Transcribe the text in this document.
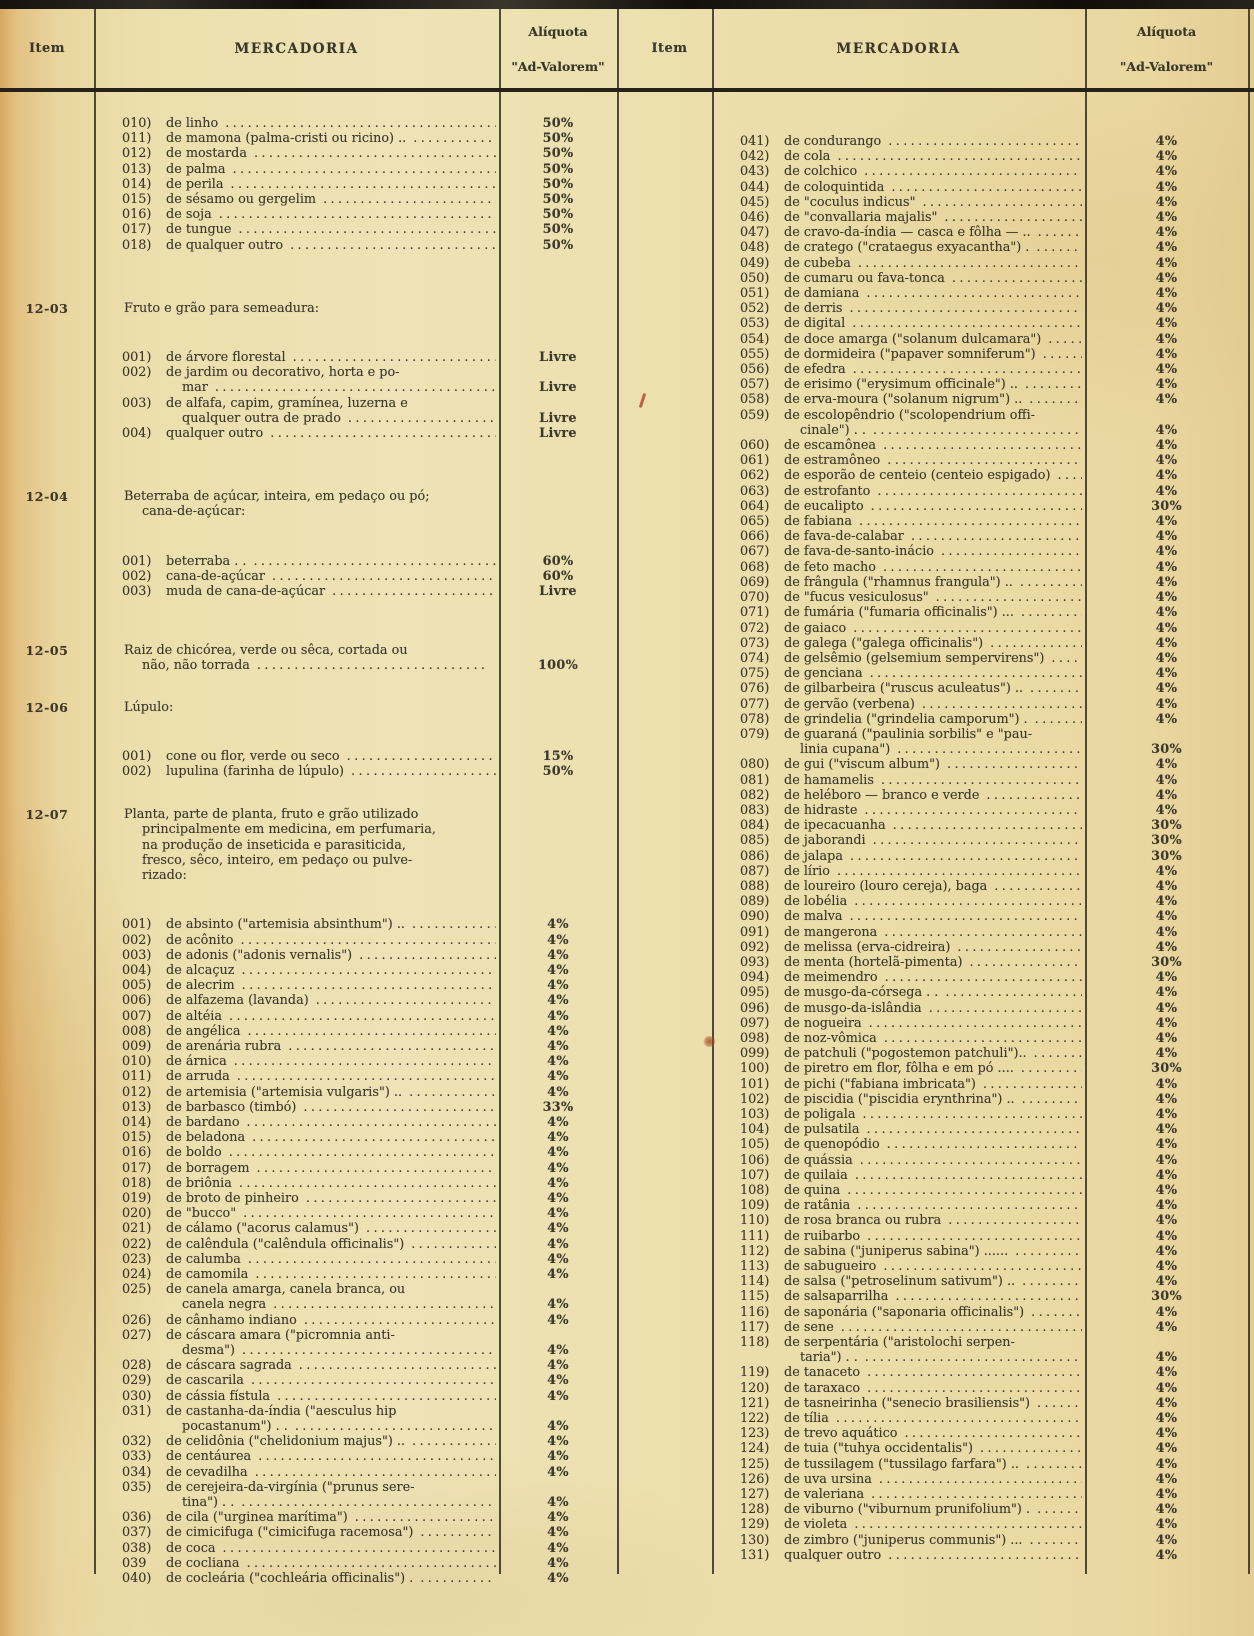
Item	MERCADORIA
Alíquota
"Ad-Valorem"
010)	de linho .....	50%
011)	de mamona (palma-cristi ou ricino) .. .....	50%
012)	de mostarda .....	50%
013)	de palma .....	50%
014)	de perila .....	50%
015)	de sésamo ou gergelim .....	50%
016)	de soja .....	50%
017)	de tungue .....	50%
018)	de qualquer outro .....	50%
12-03	Fruto e grão para semeadura:
001)	de árvore florestal .....	Livre
002)	de jardim ou decorativo, horta e po-
mar .....	Livre
003)	de alfafa, capim, gramínea, luzerna e
qualquer outra de prado .....	Livre
004)	qualquer outro .....	Livre
12-04	Beterraba de açúcar, inteira, em pedaço ou pó;
cana-de-açúcar:
001)	beterraba . . .....	60%
002)	cana-de-açúcar .....	60%
003)	muda de cana-de-açúcar .....	Livre
12-05	Raiz de chicórea, verde ou sêca, cortada ou
não, não torrada .....	100%
12-06	Lúpulo:
001)	cone ou flor, verde ou seco .....	15%
002)	lupulina (farinha de lúpulo) .....	50%
12-07	Planta, parte de planta, fruto e grão utilizado
principalmente em medicina, em perfumaria,
na produção de inseticida e parasiticida,
fresco, sêco, inteiro, em pedaço ou pulve-
rizado:
001)	de absinto ("artemisia absinthum") .. .....	4%
002)	de acônito .....	4%
003)	de adonis ("adonis vernalis") .....	4%
004)	de alcaçuz .....	4%
005)	de alecrim .....	4%
006)	de alfazema (lavanda) .....	4%
007)	de altéia .....	4%
008)	de angélica .....	4%
009)	de arenária rubra .....	4%
010)	de árnica .....	4%
011)	de arruda .....	4%
012)	de artemisia ("artemisia vulgaris") .. .....	4%
013)	de barbasco (timbó) .....	33%
014)	de bardano .....	4%
015)	de beladona .....	4%
016)	de boldo .....	4%
017)	de borragem .....	4%
018)	de briônia .....	4%
019)	de broto de pinheiro .....	4%
020)	de "bucco" .....	4%
021)	de cálamo ("acorus calamus") .....	4%
022)	de calêndula ("calêndula officinalis") .....	4%
023)	de calumba .....	4%
024)	de camomila .....	4%
025)	de canela amarga, canela branca, ou
canela negra .....	4%
026)	de cânhamo indiano .....	4%
027)	de cáscara amara ("picromnia anti-
desma") .....	4%
028)	de cáscara sagrada .....	4%
029)	de cascarila .....	4%
030)	de cássia fístula .....	4%
031)	de castanha-da-índia ("aesculus hip
pocastanum") . . .....	4%
032)	de celidônia ("chelidonium majus") .. .....	4%
033)	de centáurea .....	4%
034)	de cevadilha .....	4%
035)	de cerejeira-da-virgínia ("prunus sere-
tina") . . .....	4%
036)	de cila ("urginea marítima") .....	4%
037)	de cimicifuga ("cimicifuga racemosa") .....	4%
038)	de coca .....	4%
039	de cocliana .....	4%
040)	de cocleária ("cochleária officinalis") . .....	4%
Item	MERCADORIA
Alíquota
"Ad-Valorem"
041)	de condurango .....	4%
042)	de cola .....	4%
043)	de colchico .....	4%
044)	de coloquintida .....	4%
045)	de "coculus indicus" .....	4%
046)	de "convallaria majalis" .....	4%
047)	de cravo-da-índia — casca e fôlha — .. .....	4%
048)	de cratego ("crataegus exyacantha") . .....	4%
049)	de cubeba .....	4%
050)	de cumaru ou fava-tonca .....	4%
051)	de damiana .....	4%
052)	de derris .....	4%
053)	de digital .....	4%
054)	de doce amarga ("solanum dulcamara") .....	4%
055)	de dormideira ("papaver somniferum") .....	4%
056)	de efedra .....	4%
057)	de erisimo ("erysimum officinale") .. .....	4%
058)	de erva-moura ("solanum nigrum") .. .....	4%
059)	de escolopêndrio ("scolopendrium offi-
cinale") . . .....	4%
060)	de escamônea .....	4%
061)	de estramôneo .....	4%
062)	de esporão de centeio (centeio espigado) .....	4%
063)	de estrofanto .....	4%
064)	de eucalipto .....	30%
065)	de fabiana .....	4%
066)	de fava-de-calabar .....	4%
067)	de fava-de-santo-inácio .....	4%
068)	de feto macho .....	4%
069)	de frângula ("rhamnus frangula") .. .....	4%
070)	de "fucus vesiculosus" .....	4%
071)	de fumária ("fumaria officinalis") ... .....	4%
072)	de gaiaco .....	4%
073)	de galega ("galega officinalis") .....	4%
074)	de gelsêmio (gelsemium sempervirens") .....	4%
075)	de genciana .....	4%
076)	de gilbarbeira ("ruscus aculeatus") .. .....	4%
077)	de gervão (verbena) .....	4%
078)	de grindelia ("grindelia camporum") . .....	4%
079)	de guaraná ("paulinia sorbilis" e "pau-
linia cupana") .....	30%
080)	de gui ("viscum album") .....	4%
081)	de hamamelis .....	4%
082)	de heléboro — branco e verde .....	4%
083)	de hidraste .....	4%
084)	de ipecacuanha .....	30%
085)	de jaborandi .....	30%
086)	de jalapa .....	30%
087)	de lírio .....	4%
088)	de loureiro (louro cereja), baga .....	4%
089)	de lobélia .....	4%
090)	de malva .....	4%
091)	de mangerona .....	4%
092)	de melissa (erva-cidreira) .....	4%
093)	de menta (hortelã-pimenta) .....	30%
094)	de meimendro .....	4%
095)	de musgo-da-córsega . . .....	4%
096)	de musgo-da-islândia .....	4%
097)	de nogueira .....	4%
098)	de noz-vômica .....	4%
099)	de patchuli ("pogostemon patchuli").. .....	4%
100)	de piretro em flor, fôlha e em pó .... .....	30%
101)	de pichi ("fabiana imbricata") .....	4%
102)	de piscidia ("piscidia erynthrina") .. .....	4%
103)	de poligala .....	4%
104)	de pulsatila .....	4%
105)	de quenopódio .....	4%
106)	de quássia .....	4%
107)	de quilaia .....	4%
108)	de quina .....	4%
109)	de ratânia .....	4%
110)	de rosa branca ou rubra .....	4%
111)	de ruibarbo .....	4%
112)	de sabina ("juniperus sabina") ...... .....	4%
113)	de sabugueiro .....	4%
114)	de salsa ("petroselinum sativum") .. .....	4%
115)	de salsaparrilha .....	30%
116)	de saponária ("saponaria officinalis") .....	4%
117)	de sene .....	4%
118)	de serpentária ("aristolochi serpen-
taria") . . .....	4%
119)	de tanaceto .....	4%
120)	de taraxaco .....	4%
121)	de tasneirinha ("senecio brasiliensis") .....	4%
122)	de tília .....	4%
123)	de trevo aquático .....	4%
124)	de tuia ("tuhya occidentalis") .....	4%
125)	de tussilagem ("tussilago farfara") .. .....	4%
126)	de uva ursina .....	4%
127)	de valeriana .....	4%
128)	de viburno ("viburnum prunifolium") . .....	4%
129)	de violeta .....	4%
130)	de zimbro ("juniperus communis") ... .....	4%
131)	qualquer outro .....	4%
